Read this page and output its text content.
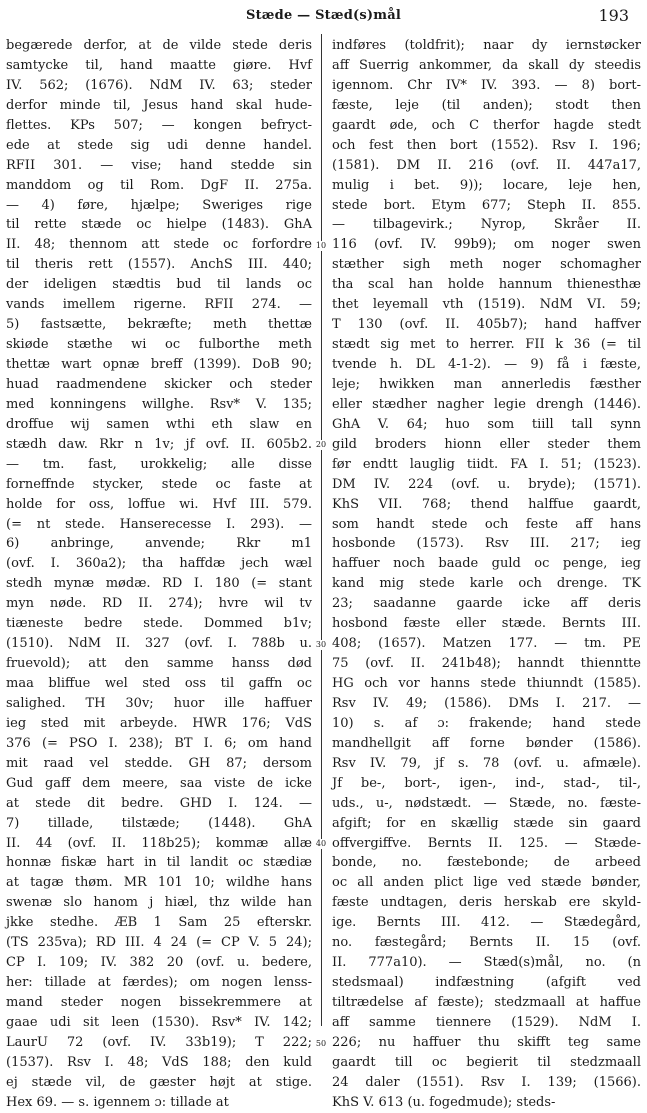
Stæde — Stæd(s)mål	193
begærede derfor, at de vilde stede deris
samtycke til, hand maatte giøre. Hvf
IV. 562; (1676). NdM IV. 63; steder
derfor minde til, Jesus hand skal hude-
flettes. KPs 507; — kongen befryct-
ede at stede sig udi denne handel.
RFII 301. — vise; hand stedde sin
manddom og til Rom. DgF II. 275a.
— 4) føre, hjælpe; Sweriges rige
til rette stæde oc hielpe (1483). GhA
II. 48; thennom att stede oc forfordre
til theris rett (1557). AnchS III. 440;
der ideligen stædtis bud til lands oc
vands imellem rigerne. RFII 274. —
5) fastsætte, bekræfte; meth thettæ
skiøde stæthe wi oc fulborthe meth
thettæ wart opnæ breff (1399). DoB 90;
huad raadmendene skicker och steder
med konningens willghe. Rsv* V. 135;
droffue wij samen wthi eth slaw en
stædh daw. Rkr n 1v; jf ovf. II. 605b2.
— tm. fast, urokkelig; alle disse
forneffnde stycker, stede oc faste at
holde for oss, loffue wi. Hvf III. 579.
(= nt stede. Hanserecesse I. 293). —
6) anbringe, anvende; Rkr m1
(ovf. I. 360a2); tha haffdæ jech wæl
stedh mynæ mødæ. RD I. 180 (= stant
myn nøde. RD II. 274); hvre wil tv
tiæneste bedre stede. Dommed b1v;
(1510). NdM II. 327 (ovf. I. 788b u.
fruevold); att den samme hanss død
maa bliffue wel sted oss til gaffn oc
salighed. TH 30v; huor ille haffuer
ieg sted mit arbeyde. HWR 176; VdS
376 (= PSO I. 238); BT I. 6; om hand
mit raad vel stedde. GH 87; dersom
Gud gaff dem meere, saa viste de icke
at stede dit bedre. GHD I. 124. —
7) tillade, tilstæde; (1448). GhA
II. 44 (ovf. II. 118b25); kommæ allæ
honnæ fiskæ hart in til landit oc stædiæ
at tagæ thøm. MR 101 10; wildhe hans
swenæ slo hanom j hiæl, thz wilde han
jkke stedhe. ÆB 1 Sam 25 efterskr.
(TS 235va); RD III. 4 24 (= CP V. 5 24);
CP I. 109; IV. 382 20 (ovf. u. bedere,
her: tillade at færdes); om nogen lenss-
mand steder nogen bissekremmere at
gaae udi sit leen (1530). Rsv* IV. 142;
LaurU 72 (ovf. IV. 33b19); T 222;
(1537). Rsv I. 48; VdS 188; den kuld
ej stæde vil, de gæster højt at stige.
Hex 69. — s. igennem ɔ: tillade at
indføres (toldfrit); naar dy iernstøcker
aff Suerrig ankommer, da skall dy steedis
igennom. Chr IV* IV. 393. — 8) bort-
fæste, leje (til anden); stodt then
gaardt øde, och C therfor hagde stedt
och fest then bort (1552). Rsv I. 196;
(1581). DM II. 216 (ovf. II. 447a17,
mulig i bet. 9)); locare, leje hen,
stede bort. Etym 677; Steph II. 855.
— tilbagevirk.; Nyrop, Skråer II.
116 (ovf. IV. 99b9); om noger swen
stæther sigh meth noger schomagher
tha scal han holde hannum thienesthæ
thet leyemall vth (1519). NdM VI. 59;
T 130 (ovf. II. 405b7); hand haffver
stædt sig met to herrer. FII k 36 (= til
tvende h. DL 4-1-2). — 9) få i fæste,
leje; hwikken man annerledis fæsther
eller stædher nagher legie drengh (1446).
GhA V. 64; huo som tiill tall synn
gild broders hionn eller steder them
før endtt lauglig tiidt. FA I. 51; (1523).
DM IV. 224 (ovf. u. bryde); (1571).
KhS VII. 768; thend halffue gaardt,
som handt stede och feste aff hans
hosbonde (1573). Rsv III. 217; ieg
haffuer noch baade guld oc penge, ieg
kand mig stede karle och drenge. TK
23; saadanne gaarde icke aff deris
hosbond fæste eller stæde. Bernts III.
408; (1657). Matzen 177. — tm. PE
75 (ovf. II. 241b48); hanndt thienntte
HG och vor hanns stede thiunndt (1585).
Rsv IV. 49; (1586). DMs I. 217. —
10) s. af ɔ: frakende; hand stede
mandhellgit aff forne bønder (1586).
Rsv IV. 79, jf s. 78 (ovf. u. afmæle).
Jf be-, bort-, igen-, ind-, stad-, til-,
uds., u-, nødstædt. — Stæde, no. fæste-
afgift; for en skællig stæde sin gaard
offvergiffve. Bernts II. 125. — Stæde-
bonde, no. fæstebonde; de arbeed
oc all anden plict lige ved stæde bønder,
fæste undtagen, deris herskab ere skyld-
ige. Bernts III. 412. — Stædegård,
no. fæstegård; Bernts II. 15 (ovf.
II. 777a10). — Stæd(s)mål, no. (n
stedsmaal) indfæstning (afgift ved
tiltrædelse af fæste); stedzmaall at haffue
aff samme tiennere (1529). NdM I.
226; nu haffuer thu skifft teg same
gaardt till oc begierit til stedzmaall
24 daler (1551). Rsv I. 139; (1566).
KhS V. 613 (u. fogedmude); steds-
10
20
30
40
50
